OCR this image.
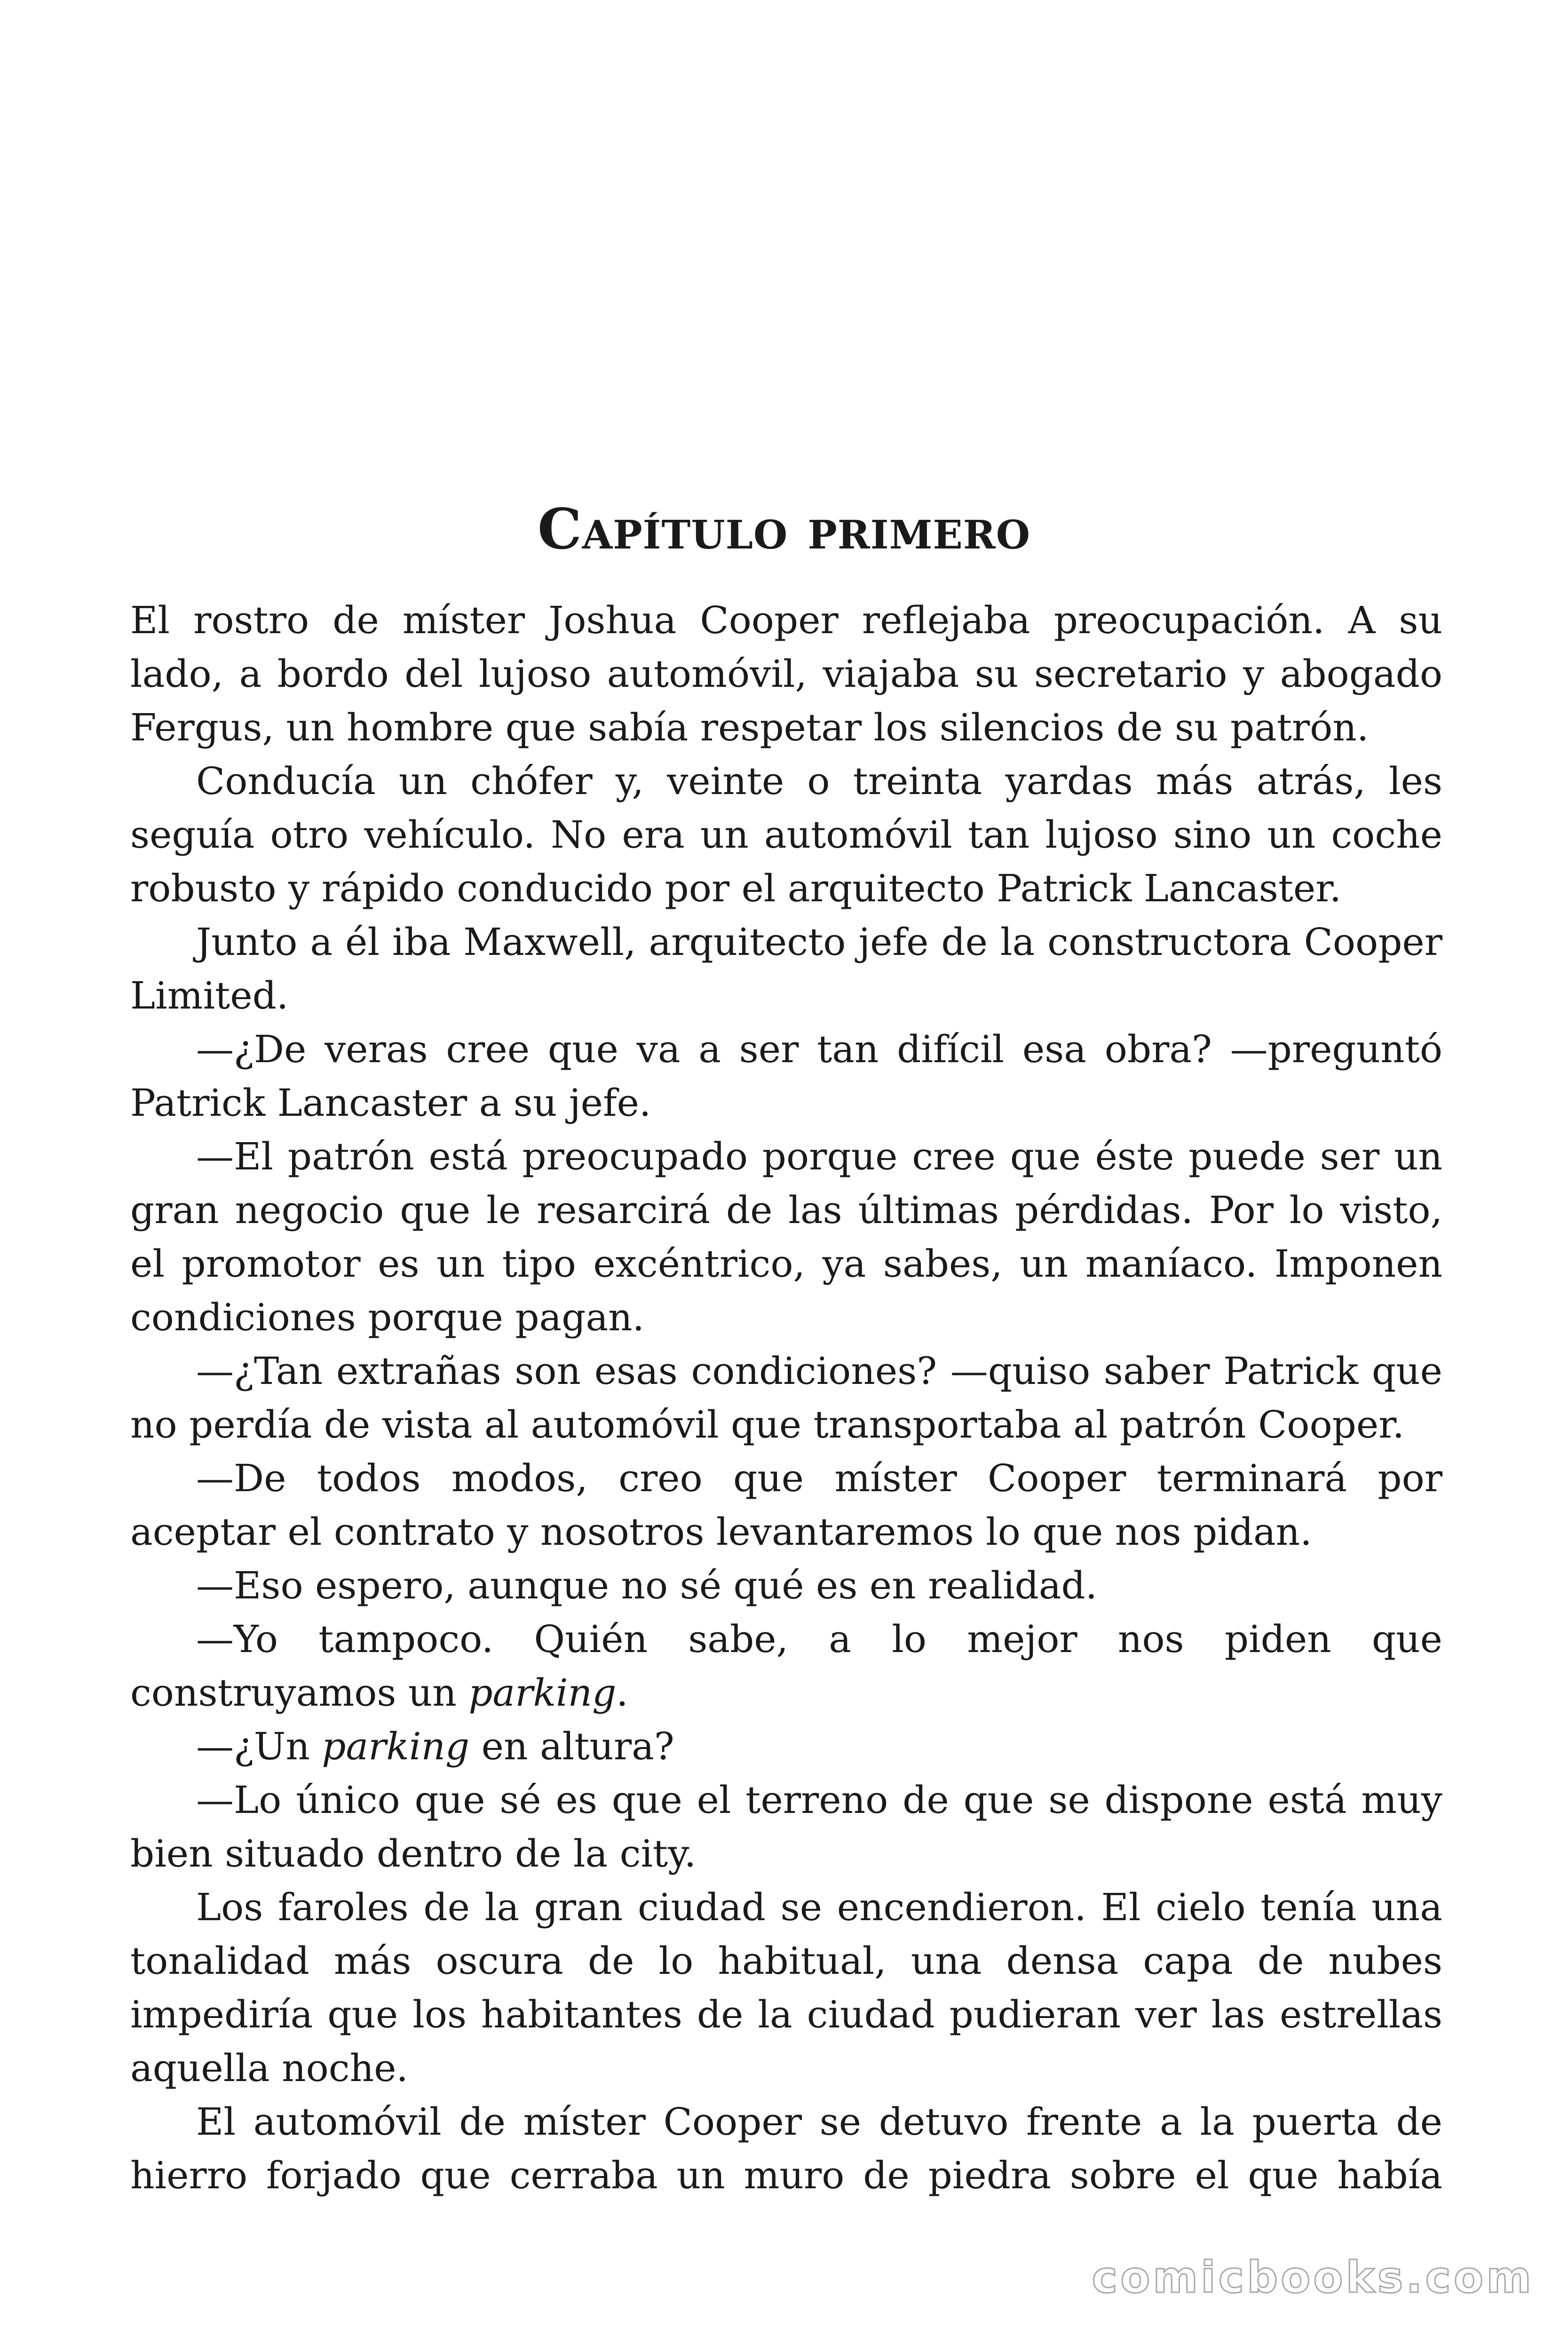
Capítulo primero

El rostro de míster Joshua Cooper reflejaba preocupación. A su lado, a bordo del lujoso automóvil, viajaba su secretario y abogado Fergus, un hombre que sabía respetar los silencios de su patrón.

Conducía un chófer y, veinte o treinta yardas más atrás, les seguía otro vehículo. No era un automóvil tan lujoso sino un coche robusto y rápido conducido por el arquitecto Patrick Lancaster.

Junto a él iba Maxwell, arquitecto jefe de la constructora Cooper Limited.

—¿De veras cree que va a ser tan difícil esa obra? —preguntó Patrick Lancaster a su jefe.

—El patrón está preocupado porque cree que éste puede ser un gran negocio que le resarcirá de las últimas pérdidas. Por lo visto, el promotor es un tipo excéntrico, ya sabes, un maníaco. Imponen condiciones porque pagan.

—¿Tan extrañas son esas condiciones? —quiso saber Patrick que no perdía de vista al automóvil que transportaba al patrón Cooper.

—De todos modos, creo que míster Cooper terminará por aceptar el contrato y nosotros levantaremos lo que nos pidan.

—Eso espero, aunque no sé qué es en realidad.

—Yo tampoco. Quién sabe, a lo mejor nos piden que construyamos un parking.

—¿Un parking en altura?

—Lo único que sé es que el terreno de que se dispone está muy bien situado dentro de la city.

Los faroles de la gran ciudad se encendieron. El cielo tenía una tonalidad más oscura de lo habitual, una densa capa de nubes impediría que los habitantes de la ciudad pudieran ver las estrellas aquella noche.

El automóvil de míster Cooper se detuvo frente a la puerta de hierro forjado que cerraba un muro de piedra sobre el que había

comicbooks.com
